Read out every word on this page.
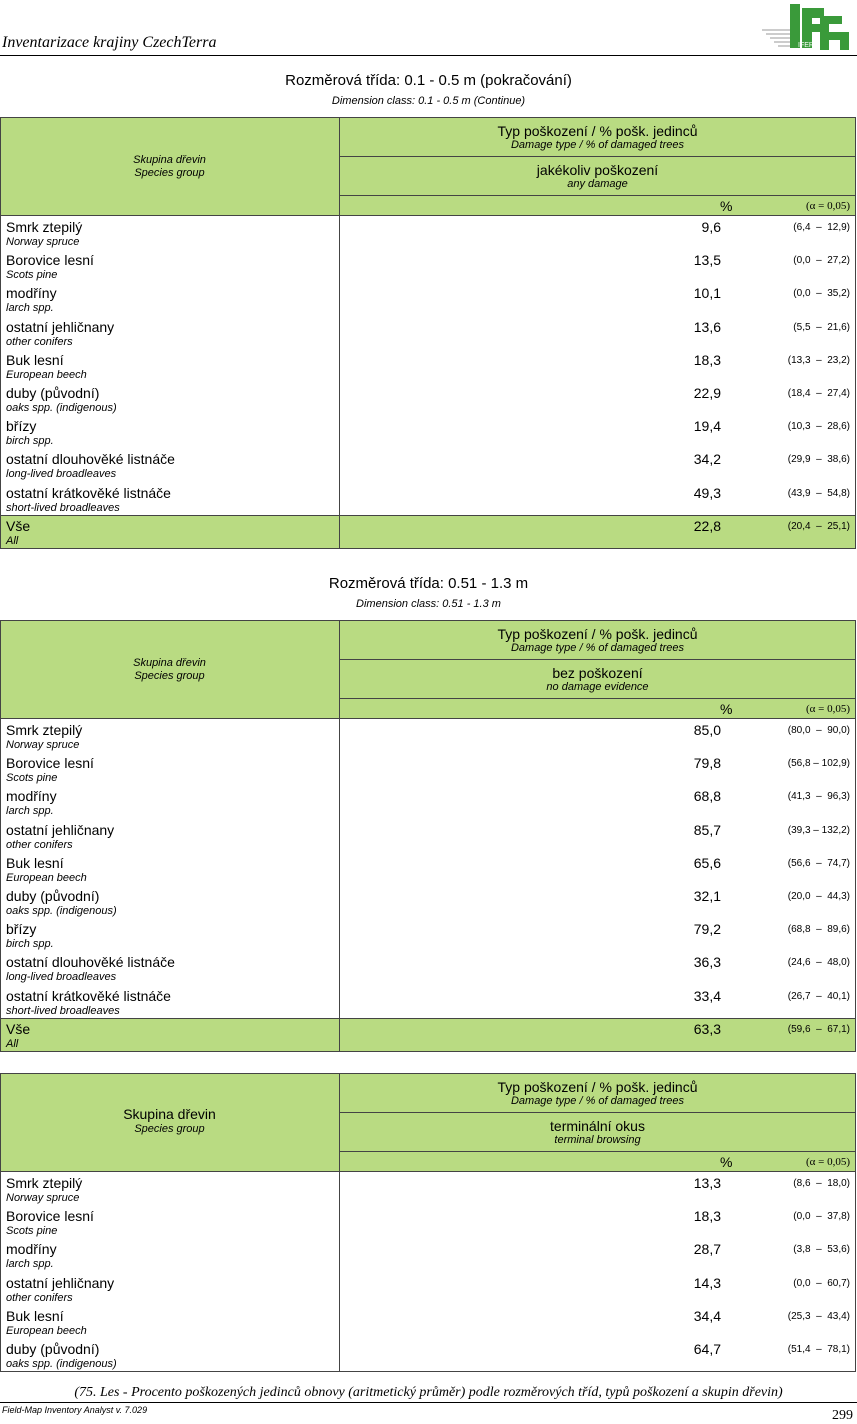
Inventarizace krajiny CzechTerra	IFER
Rozměrová třída: 0.1 - 0.5 m (pokračování)
Dimension class: 0.1 - 0.5 m (Continue)
Skupina dřevin
Species group
Typ poškození / % pošk. jedinců
Damage type / % of damaged trees
jakékoliv poškození
any damage
%	(α = 0,05)
Smrk ztepilý
Norway spruce
9,6	(6,4  –  12,9)
Borovice lesní
Scots pine
13,5	(0,0  –  27,2)
modříny
larch spp.
10,1	(0,0  –  35,2)
ostatní jehličnany
other conifers
13,6	(5,5  –  21,6)
Buk lesní
European beech
18,3	(13,3  –  23,2)
duby (původní)
oaks spp. (indigenous)
22,9	(18,4  –  27,4)
břízy
birch spp.
19,4	(10,3  –  28,6)
ostatní dlouhověké listnáče
long-lived broadleaves
34,2	(29,9  –  38,6)
ostatní krátkověké listnáče
short-lived broadleaves
49,3	(43,9  –  54,8)
Vše
All
22,8	(20,4  –  25,1)
Rozměrová třída: 0.51 - 1.3 m
Dimension class: 0.51 - 1.3 m
Skupina dřevin
Species group
Typ poškození / % pošk. jedinců
Damage type / % of damaged trees
bez poškození
no damage evidence
%	(α = 0,05)
Smrk ztepilý
Norway spruce
85,0	(80,0  –  90,0)
Borovice lesní
Scots pine
79,8	(56,8 – 102,9)
modříny
larch spp.
68,8	(41,3  –  96,3)
ostatní jehličnany
other conifers
85,7	(39,3 – 132,2)
Buk lesní
European beech
65,6	(56,6  –  74,7)
duby (původní)
oaks spp. (indigenous)
32,1	(20,0  –  44,3)
břízy
birch spp.
79,2	(68,8  –  89,6)
ostatní dlouhověké listnáče
long-lived broadleaves
36,3	(24,6  –  48,0)
ostatní krátkověké listnáče
short-lived broadleaves
33,4	(26,7  –  40,1)
Vše
All
63,3	(59,6  –  67,1)
Skupina dřevin
Species group
Typ poškození / % pošk. jedinců
Damage type / % of damaged trees
terminální okus
terminal browsing
%	(α = 0,05)
Smrk ztepilý
Norway spruce
13,3	(8,6  –  18,0)
Borovice lesní
Scots pine
18,3	(0,0  –  37,8)
modříny
larch spp.
28,7	(3,8  –  53,6)
ostatní jehličnany
other conifers
14,3	(0,0  –  60,7)
Buk lesní
European beech
34,4	(25,3  –  43,4)
duby (původní)
oaks spp. (indigenous)
64,7	(51,4  –  78,1)
(75. Les - Procento poškozených jedinců obnovy (aritmetický průměr) podle rozměrových tříd, typů poškození a skupin dřevin)
Field-Map Inventory Analyst v. 7.029	299
